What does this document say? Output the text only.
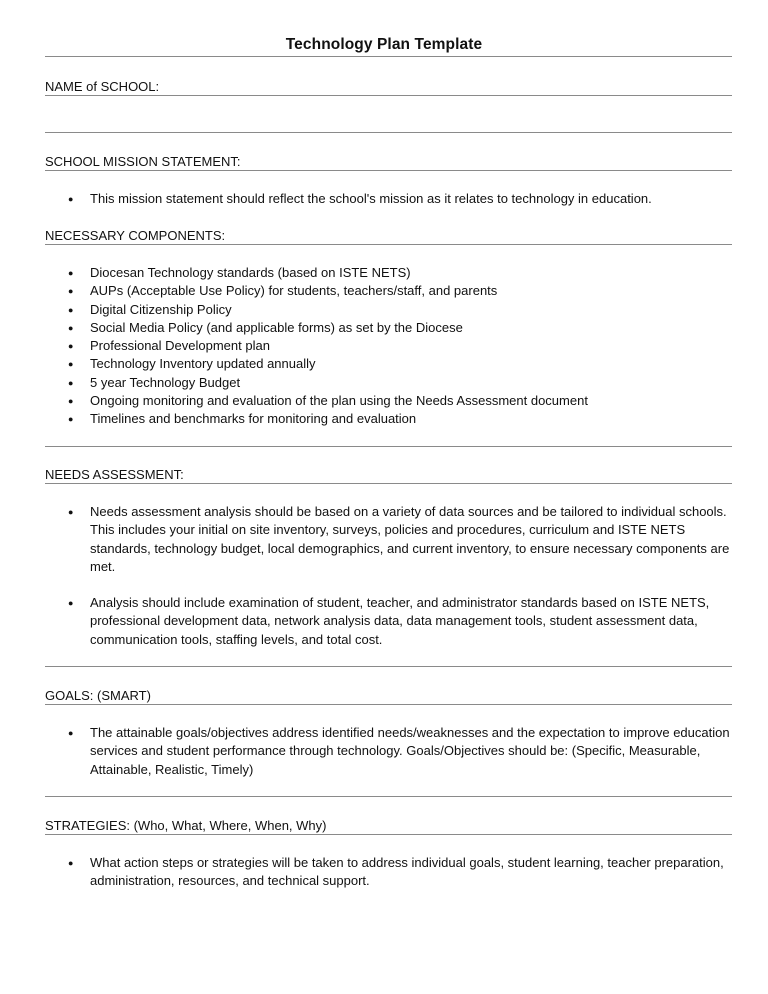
Technology Plan Template
NAME of SCHOOL:
SCHOOL MISSION STATEMENT:
● This mission statement should reflect the school's mission as it relates to technology in education.
NECESSARY COMPONENTS:
● Diocesan Technology standards (based on ISTE NETS)
● AUPs (Acceptable Use Policy) for students, teachers/staff, and parents
● Digital Citizenship Policy
● Social Media Policy (and applicable forms) as set by the Diocese
● Professional Development plan
● Technology Inventory updated annually
● 5 year Technology Budget
● Ongoing monitoring and evaluation of the plan using the Needs Assessment document
● Timelines and benchmarks for monitoring and evaluation
NEEDS ASSESSMENT:
● Needs assessment analysis should be based on a variety of data sources and be tailored to individual schools. This includes your initial on site inventory, surveys, policies and procedures, curriculum and ISTE NETS standards, technology budget, local demographics, and current inventory, to ensure necessary components are met.
● Analysis should include examination of student, teacher, and administrator standards based on ISTE NETS, professional development data, network analysis data, data management tools, student assessment data, communication tools, staffing levels, and total cost.
GOALS: (SMART)
● The attainable goals/objectives address identified needs/weaknesses and the expectation to improve education services and student performance through technology. Goals/Objectives should be: (Specific, Measurable, Attainable, Realistic, Timely)
STRATEGIES: (Who, What, Where, When, Why)
● What action steps or strategies will be taken to address individual goals, student learning, teacher preparation, administration, resources, and technical support.
